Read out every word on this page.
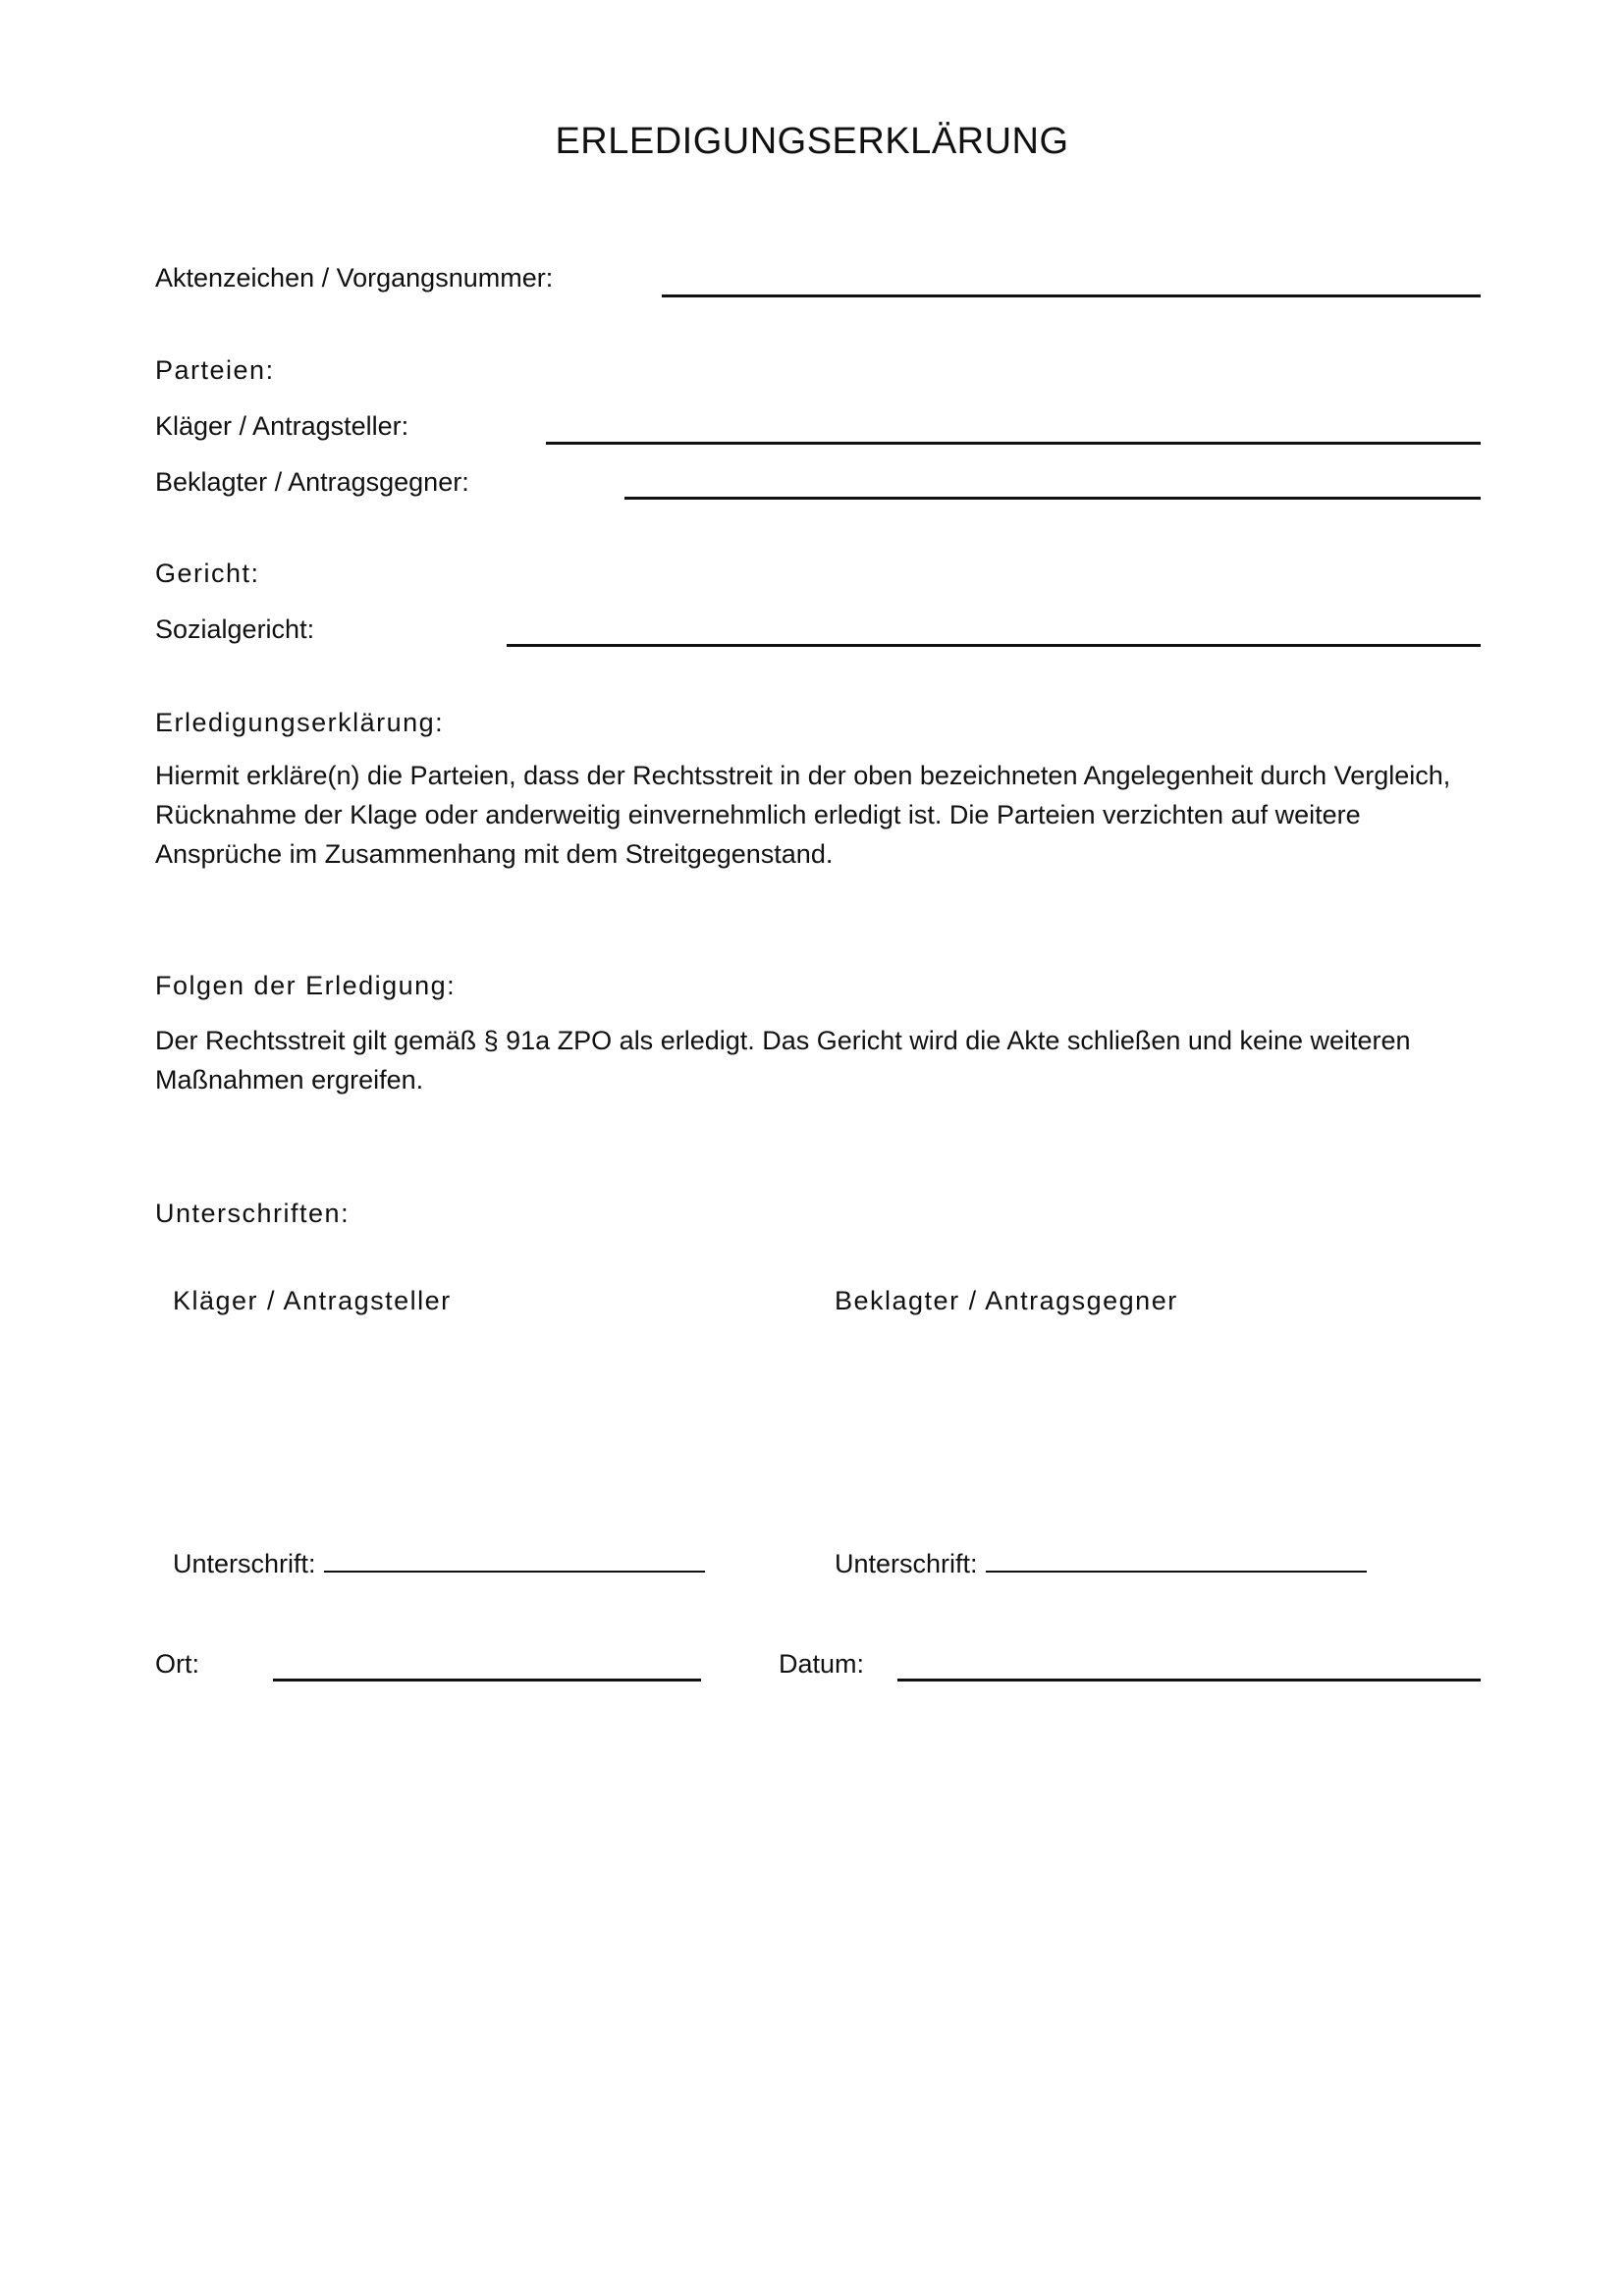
ERLEDIGUNGSERKLÄRUNG
Aktenzeichen / Vorgangsnummer:
Parteien:
Kläger / Antragsteller:
Beklagter / Antragsgegner:
Gericht:
Sozialgericht:
Erledigungserklärung:
Hiermit erkläre(n) die Parteien, dass der Rechtsstreit in der oben bezeichneten Angelegenheit durch Vergleich, Rücknahme der Klage oder anderweitig einvernehmlich erledigt ist. Die Parteien verzichten auf weitere Ansprüche im Zusammenhang mit dem Streitgegenstand.
Folgen der Erledigung:
Der Rechtsstreit gilt gemäß § 91a ZPO als erledigt. Das Gericht wird die Akte schließen und keine weiteren Maßnahmen ergreifen.
Unterschriften:
Kläger / Antragsteller	Beklagter / Antragsgegner
Unterschrift:	Unterschrift:
Ort:	Datum:
